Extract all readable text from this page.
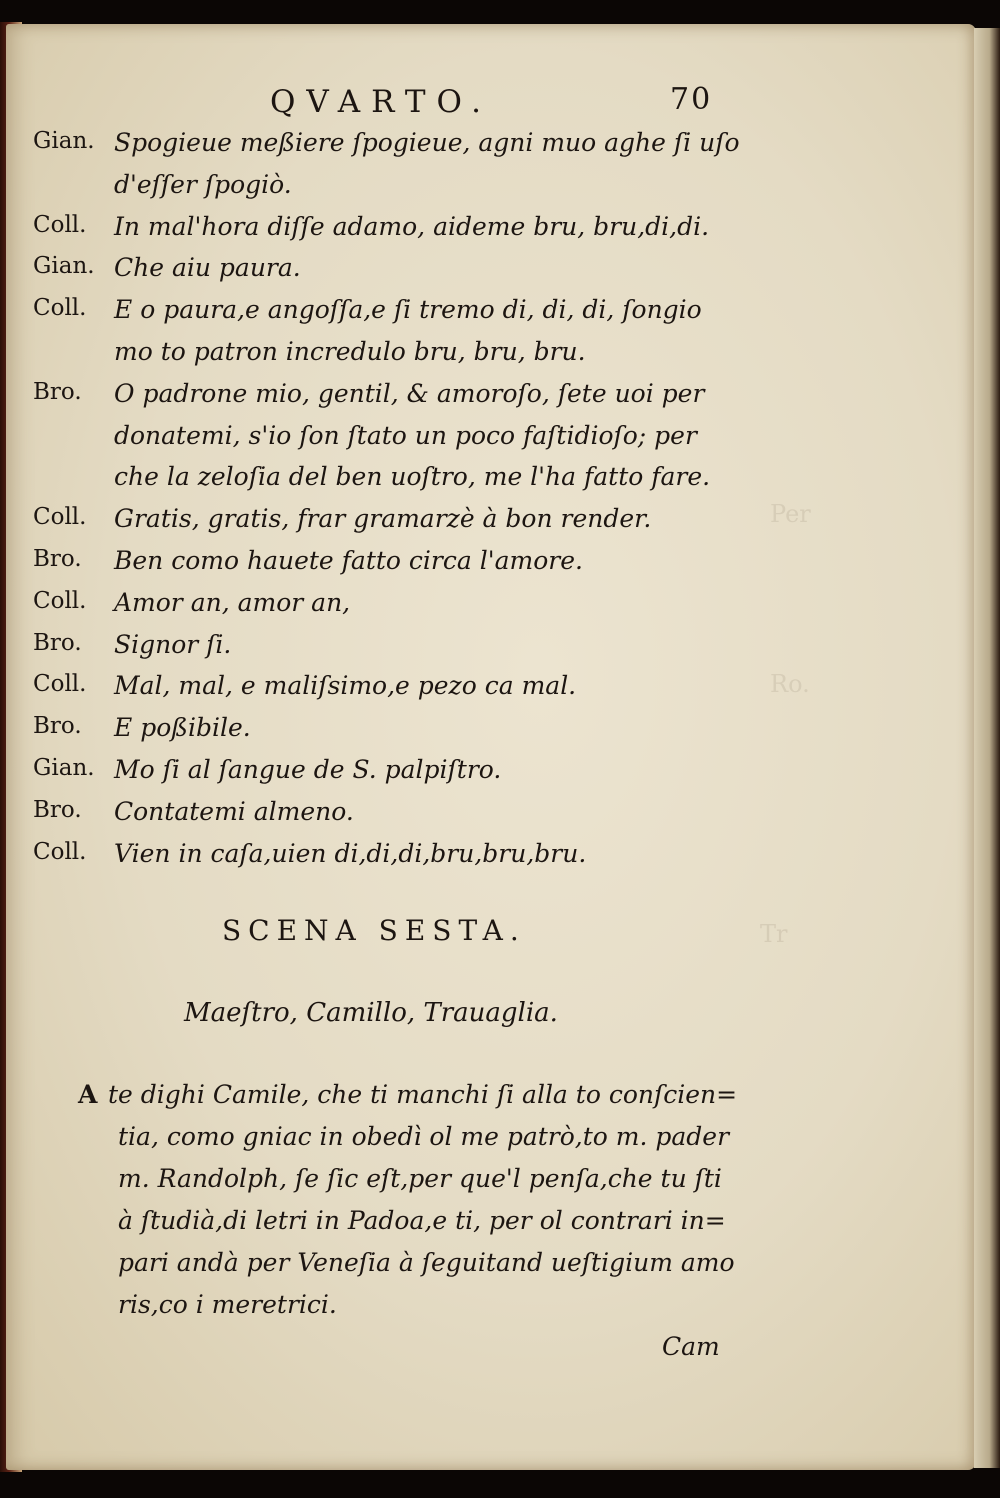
Per
Ro.
Tr
QVARTO.	70
Gian. Spogieue meßiere ſpogieue, agni muo aghe ſi uſo
d'eſſer ſpogiò.
Coll. In mal'hora diſſe adamo, aideme bru, bru,di,di.
Gian. Che aiu paura.
Coll. E o paura,e angoſſa,e ſi tremo di, di, di, ſongio
mo to patron incredulo bru, bru, bru.
Bro. O padrone mio, gentil, & amoroſo, ſete uoi per
donatemi, s'io ſon ſtato un poco faſtidioſo; per
che la zeloſia del ben uoſtro, me l'ha fatto fare.
Coll. Gratis, gratis, frar gramarzè à bon render.
Bro. Ben como hauete fatto circa l'amore.
Coll. Amor an, amor an,
Bro. Signor ſi.
Coll. Mal, mal, e maliſsimo,e pezo ca mal.
Bro. E poßibile.
Gian. Mo ſi al ſangue de S. palpiſtro.
Bro. Contatemi almeno.
Coll. Vien in caſa,uien di,di,di,bru,bru,bru.
SCENA SESTA.
Maeſtro, Camillo, Trauaglia.
te dighi Camile, che ti manchi ſi alla to conſcien=
tia, como gniac in obedì ol me patrò,to m. pader
m. Randolph, ſe ſic eſt,per que'l penſa,che tu ſti
à ſtudià,di letri in Padoa,e ti, per ol contrari in=
pari andà per Veneſia à ſeguitand ueſtigium amo
ris,co i meretrici.
A
Cam
